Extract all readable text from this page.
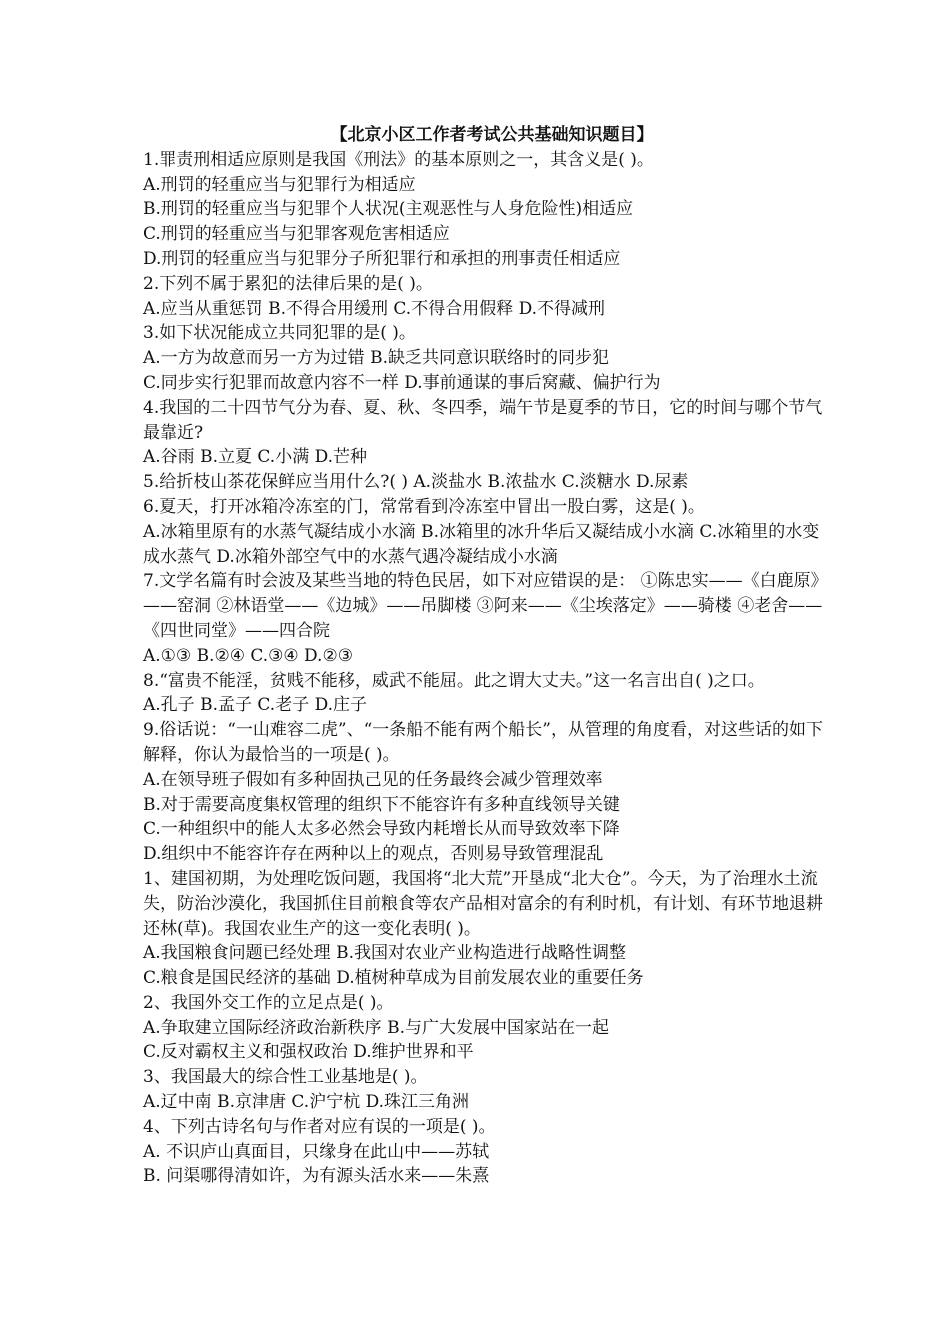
【北京小区工作者考试公共基础知识题目】

1.罪责刑相适应原则是我国《刑法》的基本原则之一，其含义是( )。

A.刑罚的轻重应当与犯罪行为相适应

B.刑罚的轻重应当与犯罪个人状况(主观恶性与人身危险性)相适应

C.刑罚的轻重应当与犯罪客观危害相适应

D.刑罚的轻重应当与犯罪分子所犯罪行和承担的刑事责任相适应

2.下列不属于累犯的法律后果的是( )。

A.应当从重惩罚 B.不得合用缓刑 C.不得合用假释 D.不得减刑

3.如下状况能成立共同犯罪的是( )。

A.一方为故意而另一方为过错 B.缺乏共同意识联络时的同步犯

C.同步实行犯罪而故意内容不一样 D.事前通谋的事后窝藏、偏护行为

4.我国的二十四节气分为春、夏、秋、冬四季，端午节是夏季的节日，它的时间与哪个节气最靠近?

A.谷雨 B.立夏 C.小满 D.芒种

5.给折枝山茶花保鲜应当用什么?( ) A.淡盐水 B.浓盐水 C.淡糖水 D.尿素

6.夏天，打开冰箱冷冻室的门，常常看到冷冻室中冒出一股白雾，这是( )。

A.冰箱里原有的水蒸气凝结成小水滴 B.冰箱里的冰升华后又凝结成小水滴 C.冰箱里的水变成水蒸气 D.冰箱外部空气中的水蒸气遇冷凝结成小水滴

7.文学名篇有时会波及某些当地的特色民居，如下对应错误的是： ①陈忠实——《白鹿原》——窑洞 ②林语堂——《边城》——吊脚楼 ③阿来——《尘埃落定》——骑楼 ④老舍——《四世同堂》——四合院

A.①③ B.②④ C.③④ D.②③

8.“富贵不能淫，贫贱不能移，威武不能屈。此之谓大丈夫。”这一名言出自( )之口。

A.孔子 B.孟子 C.老子 D.庄子

9.俗话说：“一山难容二虎”、“一条船不能有两个船长”，从管理的角度看，对这些话的如下解释，你认为最恰当的一项是( )。

A.在领导班子假如有多种固执己见的任务最终会减少管理效率

B.对于需要高度集权管理的组织下不能容许有多种直线领导关键

C.一种组织中的能人太多必然会导致内耗增长从而导致效率下降

D.组织中不能容许存在两种以上的观点，否则易导致管理混乱

1、建国初期，为处理吃饭问题，我国将“北大荒”开垦成“北大仓”。今天，为了治理水土流失，防治沙漠化，我国抓住目前粮食等农产品相对富余的有利时机，有计划、有环节地退耕还林(草)。我国农业生产的这一变化表明( )。

A.我国粮食问题已经处理 B.我国对农业产业构造进行战略性调整

C.粮食是国民经济的基础 D.植树种草成为目前发展农业的重要任务

2、我国外交工作的立足点是( )。

A.争取建立国际经济政治新秩序 B.与广大发展中国家站在一起

C.反对霸权主义和强权政治 D.维护世界和平

3、我国最大的综合性工业基地是( )。

A.辽中南 B.京津唐 C.沪宁杭 D.珠江三角洲

4、下列古诗名句与作者对应有误的一项是( )。

A. 不识庐山真面目，只缘身在此山中——苏轼

B. 问渠哪得清如许，为有源头活水来——朱熹
